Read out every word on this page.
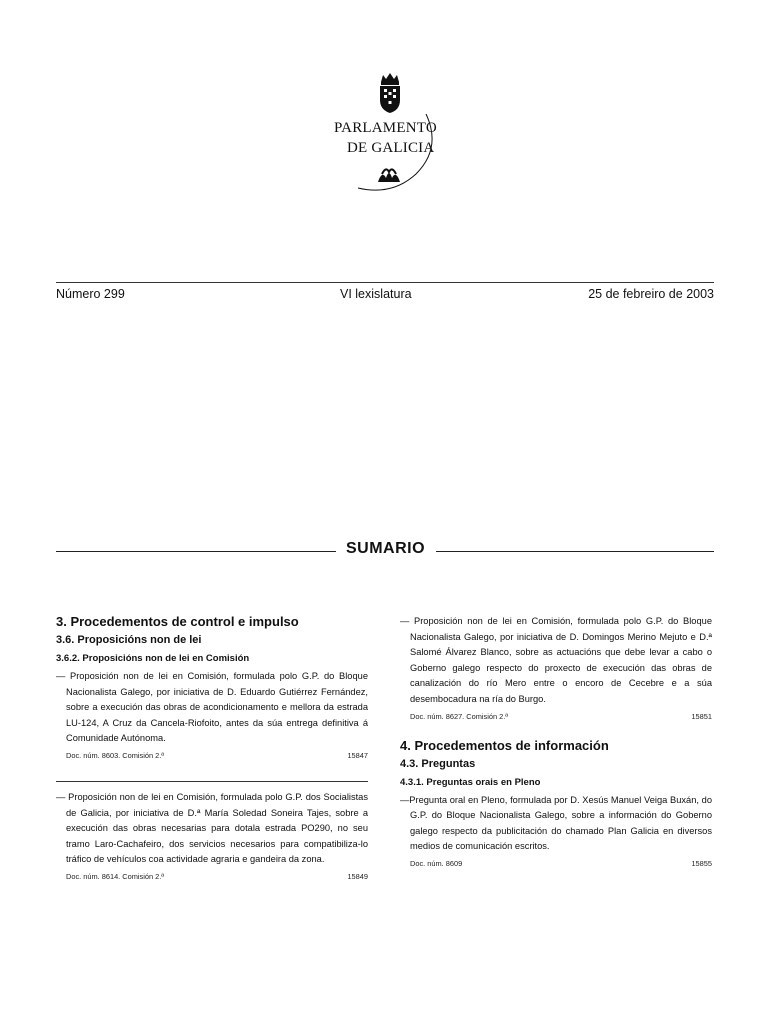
PARLAMENTO
DE GALICIA
Número 299	VI lexislatura	25 de febreiro de 2003
SUMARIO
3. Procedementos de control e impulso
3.6. Proposicións non de lei
3.6.2. Proposicións non de lei en Comisión
— Proposición non de lei en Comisión, formulada polo G.P. do Bloque Nacionalista Galego, por iniciativa de D. Eduardo Gutiérrez Fernández, sobre a execución das obras de acondicionamento e mellora da estrada LU-124, A Cruz da Cancela-Riofoito, antes da súa entrega definitiva á Comunidade Autónoma.
Doc. núm. 8603. Comisión 2.ª	15847
— Proposición non de lei en Comisión, formulada polo G.P. dos Socialistas de Galicia, por iniciativa de D.ª María Soledad Soneira Tajes, sobre a execución das obras necesarias para dotala estrada PO290, no seu tramo Laro-Cachafeiro, dos servicios necesarios para compatibiliza-lo tráfico de vehículos coa actividade agraria e gandeira da zona.
Doc. núm. 8614. Comisión 2.ª	15849
— Proposición non de lei en Comisión, formulada polo G.P. do Bloque Nacionalista Galego, por iniciativa de D. Domingos Merino Mejuto e D.ª Salomé Álvarez Blanco, sobre as actuacións que debe levar a cabo o Goberno galego respecto do proxecto de execución das obras de canalización do río Mero entre o encoro de Cecebre e a súa desembocadura na ría do Burgo.
Doc. núm. 8627. Comisión 2.ª	15851
4. Procedementos de información
4.3. Preguntas
4.3.1. Preguntas orais en Pleno
—Pregunta oral en Pleno, formulada por D. Xesús Manuel Veiga Buxán, do G.P. do Bloque Nacionalista Galego, sobre a información do Goberno galego respecto da publicitación do chamado Plan Galicia en diversos medios de comunicación escritos.
Doc. núm. 8609	15855
